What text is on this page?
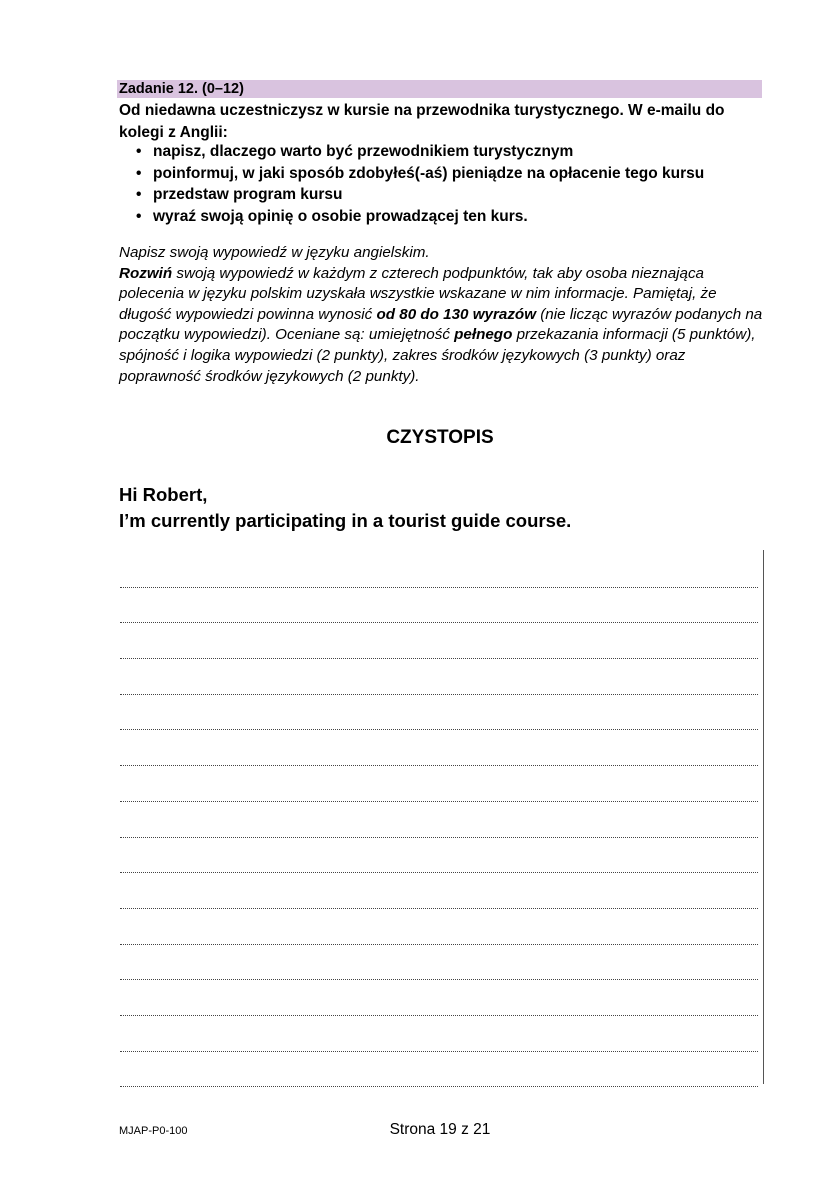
Zadanie 12. (0–12)
Od niedawna uczestniczysz w kursie na przewodnika turystycznego. W e-mailu do kolegi z Anglii:
• napisz, dlaczego warto być przewodnikiem turystycznym
• poinformuj, w jaki sposób zdobyłeś(-aś) pieniądze na opłacenie tego kursu
• przedstaw program kursu
• wyraź swoją opinię o osobie prowadzącej ten kurs.
Napisz swoją wypowiedź w języku angielskim.
Rozwiń swoją wypowiedź w każdym z czterech podpunktów, tak aby osoba nieznająca polecenia w języku polskim uzyskała wszystkie wskazane w nim informacje. Pamiętaj, że długość wypowiedzi powinna wynosić od 80 do 130 wyrazów (nie licząc wyrazów podanych na początku wypowiedzi). Oceniane są: umiejętność pełnego przekazania informacji (5 punktów), spójność i logika wypowiedzi (2 punkty), zakres środków językowych (3 punkty) oraz poprawność środków językowych (2 punkty).
CZYSTOPIS
Hi Robert,
I’m currently participating in a tourist guide course.
MJAP-P0-100	Strona 19 z 21
